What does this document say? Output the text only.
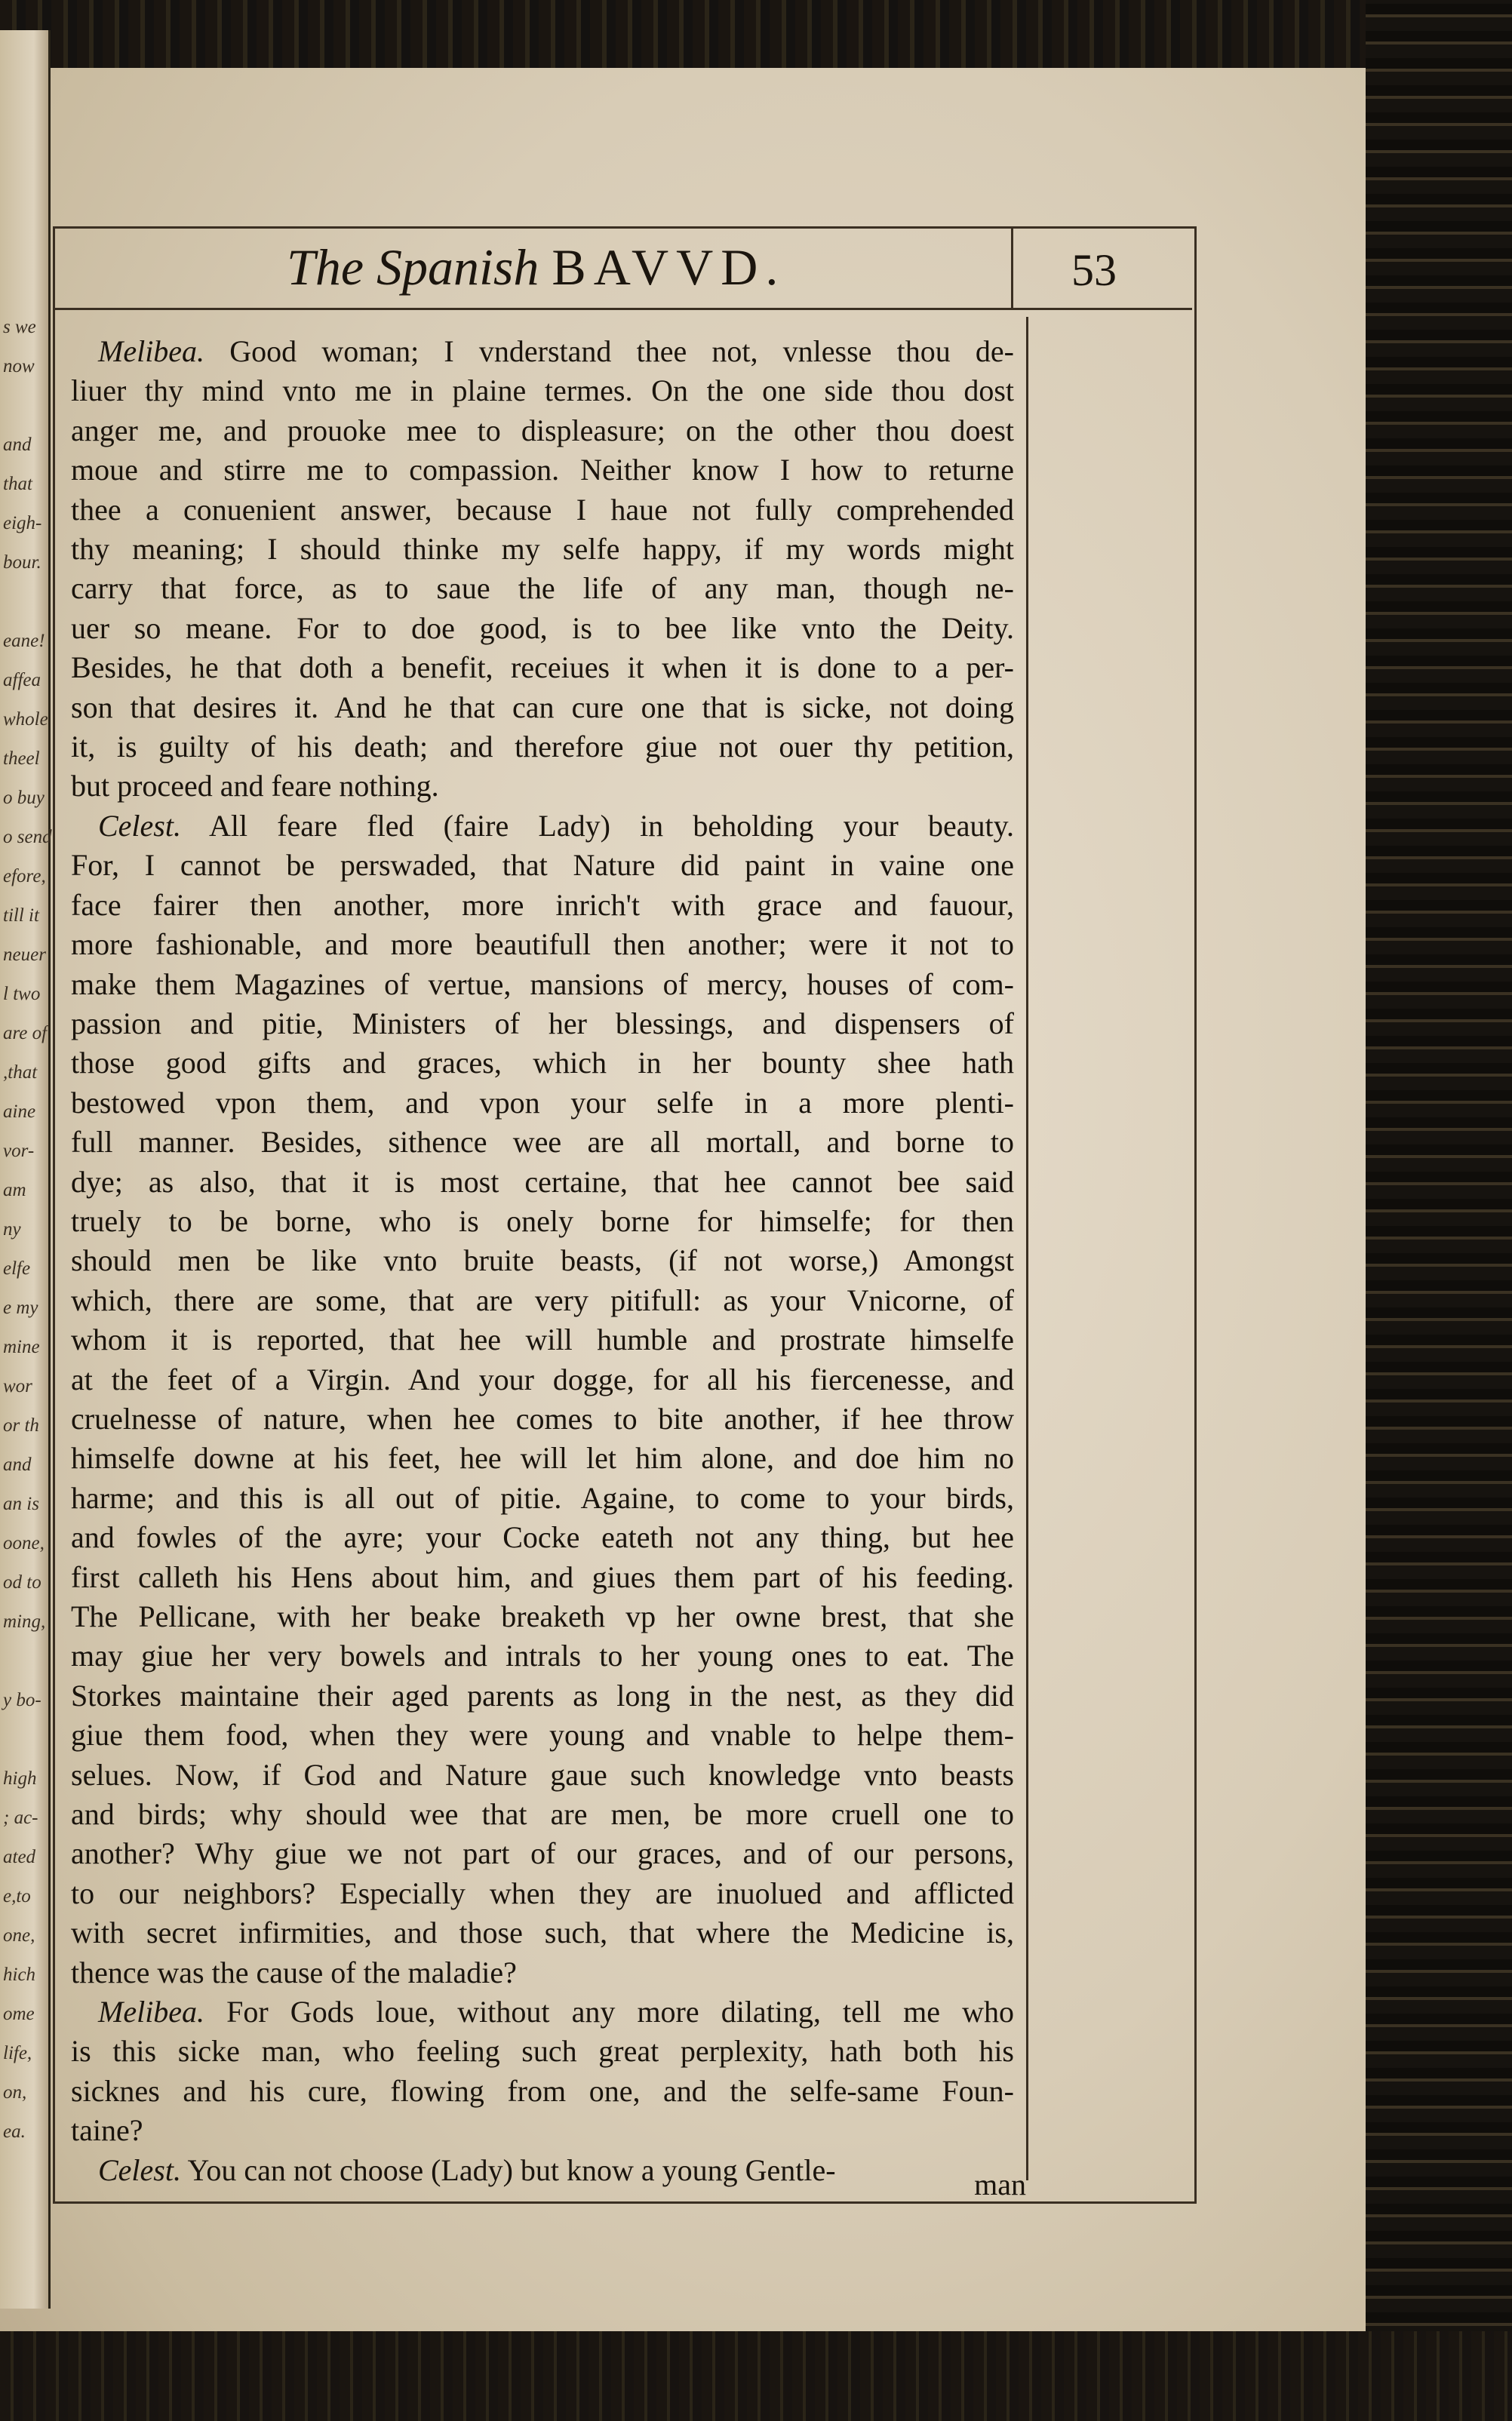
s we
now
and
that
eigh-
bour.
eane!
affea
whole
theel
o buy
o send
efore,
till it
neuer
l two
are of
,that
aine
vor-
am
ny
elfe
e my
mine
wor
or th
and
an is
oone,
od to
ming,
y bo-
high
; ac-
ated
e,to
one,
hich
ome
life,
on,
ea.
The Spanish BAVVD.	53
Melibea. Good woman; I vnderstand thee not, vnlesse thou de-
liuer thy mind vnto me in plaine termes. On the one side thou dost
anger me, and prouoke mee to displeasure; on the other thou doest
moue and stirre me to compassion. Neither know I how to returne
thee a conuenient answer, because I haue not fully comprehended
thy meaning; I should thinke my selfe happy, if my words might
carry that force, as to saue the life of any man, though ne-
uer so meane. For to doe good, is to bee like vnto the Deity.
Besides, he that doth a benefit, receiues it when it is done to a per-
son that desires it. And he that can cure one that is sicke, not doing
it, is guilty of his death; and therefore giue not ouer thy petition,
but proceed and feare nothing.
Celest. All feare fled (faire Lady) in beholding your beauty.
For, I cannot be perswaded, that Nature did paint in vaine one
face fairer then another, more inrich't with grace and fauour,
more fashionable, and more beautifull then another; were it not to
make them Magazines of vertue, mansions of mercy, houses of com-
passion and pitie, Ministers of her blessings, and dispensers of
those good gifts and graces, which in her bounty shee hath
bestowed vpon them, and vpon your selfe in a more plenti-
full manner. Besides, sithence wee are all mortall, and borne to
dye; as also, that it is most certaine, that hee cannot bee said
truely to be borne, who is onely borne for himselfe; for then
should men be like vnto bruite beasts, (if not worse,) Amongst
which, there are some, that are very pitifull: as your Vnicorne, of
whom it is reported, that hee will humble and prostrate himselfe
at the feet of a Virgin. And your dogge, for all his fiercenesse, and
cruelnesse of nature, when hee comes to bite another, if hee throw
himselfe downe at his feet, hee will let him alone, and doe him no
harme; and this is all out of pitie. Againe, to come to your birds,
and fowles of the ayre; your Cocke eateth not any thing, but hee
first calleth his Hens about him, and giues them part of his feeding.
The Pellicane, with her beake breaketh vp her owne brest, that she
may giue her very bowels and intrals to her young ones to eat. The
Storkes maintaine their aged parents as long in the nest, as they did
giue them food, when they were young and vnable to helpe them-
selues. Now, if God and Nature gaue such knowledge vnto beasts
and birds; why should wee that are men, be more cruell one to
another? Why giue we not part of our graces, and of our persons,
to our neighbors? Especially when they are inuolued and afflicted
with secret infirmities, and those such, that where the Medicine is,
thence was the cause of the maladie?
Melibea. For Gods loue, without any more dilating, tell me who
is this sicke man, who feeling such great perplexity, hath both his
sicknes and his cure, flowing from one, and the selfe-same Foun-
taine?
Celest. You can not choose (Lady) but know a young Gentle-	man
